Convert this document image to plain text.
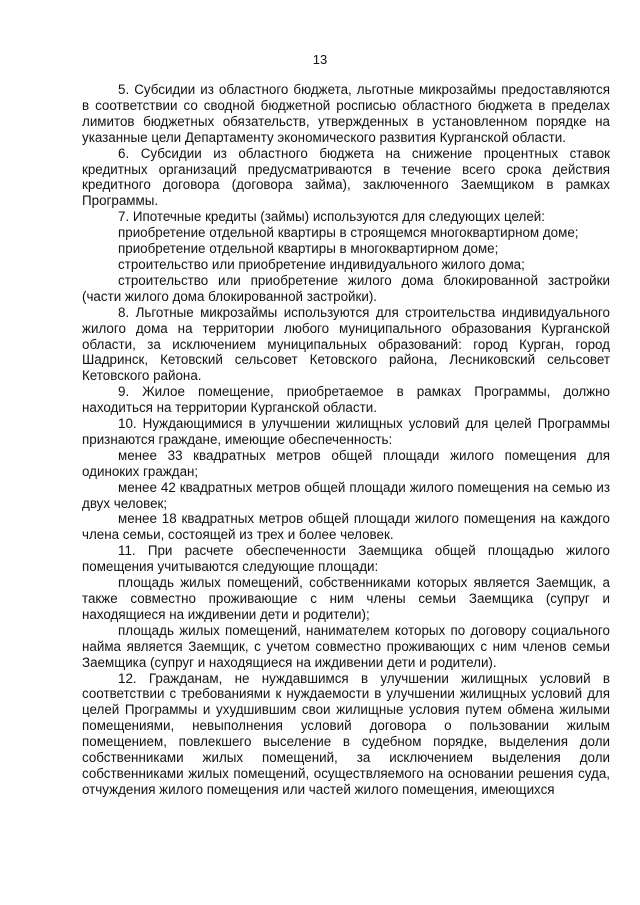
13

5. Субсидии из областного бюджета, льготные микрозаймы предоставляются в соответствии со сводной бюджетной росписью областного бюджета в пределах лимитов бюджетных обязательств, утвержденных в установленном порядке на указанные цели Департаменту экономического развития Курганской области.

6. Субсидии из областного бюджета на снижение процентных ставок кредитных организаций предусматриваются в течение всего срока действия кредитного договора (договора займа), заключенного Заемщиком в рамках Программы.

7. Ипотечные кредиты (займы) используются для следующих целей:

приобретение отдельной квартиры в строящемся многоквартирном доме;

приобретение отдельной квартиры в многоквартирном доме;

строительство или приобретение индивидуального жилого дома;

строительство или приобретение жилого дома блокированной застройки (части жилого дома блокированной застройки).

8. Льготные микрозаймы используются для строительства индивидуального жилого дома на территории любого муниципального образования Курганской области, за исключением муниципальных образований: город Курган, город Шадринск, Кетовский сельсовет Кетовского района, Лесниковский сельсовет Кетовского района.

9. Жилое помещение, приобретаемое в рамках Программы, должно находиться на территории Курганской области.

10. Нуждающимися в улучшении жилищных условий для целей Программы признаются граждане, имеющие обеспеченность:

менее 33 квадратных метров общей площади жилого помещения для одиноких граждан;

менее 42 квадратных метров общей площади жилого помещения на семью из двух человек;

менее 18 квадратных метров общей площади жилого помещения на каждого члена семьи, состоящей из трех и более человек.

11. При расчете обеспеченности Заемщика общей площадью жилого помещения учитываются следующие площади:

площадь жилых помещений, собственниками которых является Заемщик, а также совместно проживающие с ним члены семьи Заемщика (супруг и находящиеся на иждивении дети и родители);

площадь жилых помещений, нанимателем которых по договору социального найма является Заемщик, с учетом совместно проживающих с ним членов семьи Заемщика (супруг и находящиеся на иждивении дети и родители).

12. Гражданам, не нуждавшимся в улучшении жилищных условий в соответствии с требованиями к нуждаемости в улучшении жилищных условий для целей Программы и ухудшившим свои жилищные условия путем обмена жилыми помещениями, невыполнения условий договора о пользовании жилым помещением, повлекшего выселение в судебном порядке, выделения доли собственниками жилых помещений, за исключением выделения доли собственниками жилых помещений, осуществляемого на основании решения суда, отчуждения жилого помещения или частей жилого помещения, имеющихся
